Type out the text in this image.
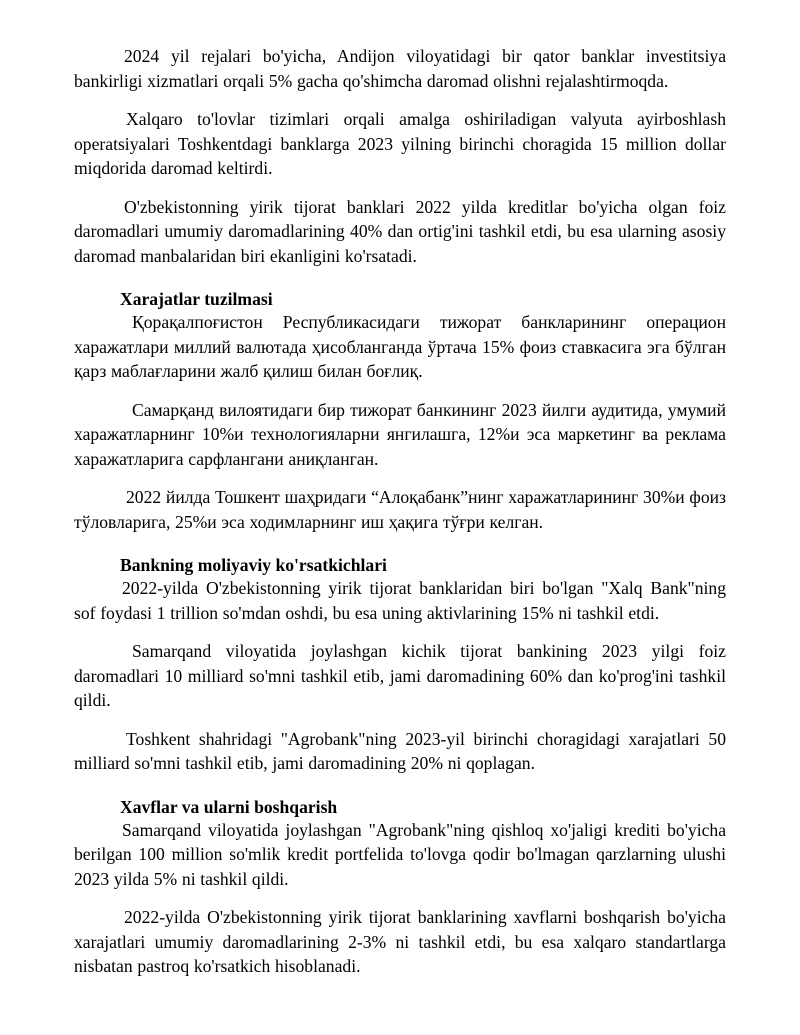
2024 yil rejalari bo'yicha, Andijon viloyatidagi bir qator banklar investitsiya bankirligi xizmatlari orqali 5% gacha qo'shimcha daromad olishni rejalashtirmoqda.

Xalqaro to'lovlar tizimlari orqali amalga oshiriladigan valyuta ayirboshlash operatsiyalari Toshkentdagi banklarga 2023 yilning birinchi choragida 15 million dollar miqdorida daromad keltirdi.

O'zbekistonning yirik tijorat banklari 2022 yilda kreditlar bo'yicha olgan foiz daromadlari umumiy daromadlarining 40% dan ortig'ini tashkil etdi, bu esa ularning asosiy daromad manbalaridan biri ekanligini ko'rsatadi.

Xarajatlar tuzilmasi

Қорақалпоғистон Республикасидаги тижорат банкларининг операцион харажатлари миллий валютада ҳисобланганда ўртача 15% фоиз ставкасига эга бўлган қарз маблағларини жалб қилиш билан боғлиқ.

Самарқанд вилоятидаги бир тижорат банкининг 2023 йилги аудитида, умумий харажатларнинг 10%и технологияларни янгилашга, 12%и эса маркетинг ва реклама харажатларига сарфлангани аниқланган.

2022 йилда Тошкент шаҳридаги “Алоқабанк”нинг харажатларининг 30%и фоиз тўловларига, 25%и эса ходимларнинг иш ҳақига тўғри келган.

Bankning moliyaviy ko'rsatkichlari

2022-yilda O'zbekistonning yirik tijorat banklaridan biri bo'lgan "Xalq Bank"ning sof foydasi 1 trillion so'mdan oshdi, bu esa uning aktivlarining 15% ni tashkil etdi.

Samarqand viloyatida joylashgan kichik tijorat bankining 2023 yilgi foiz daromadlari 10 milliard so'mni tashkil etib, jami daromadining 60% dan ko'prog'ini tashkil qildi.

Toshkent shahridagi "Agrobank"ning 2023-yil birinchi choragidagi xarajatlari 50 milliard so'mni tashkil etib, jami daromadining 20% ni qoplagan.

Xavflar va ularni boshqarish

Samarqand viloyatida joylashgan "Agrobank"ning qishloq xo'jaligi krediti bo'yicha berilgan 100 million so'mlik kredit portfelida to'lovga qodir bo'lmagan qarzlarning ulushi 2023 yilda 5% ni tashkil qildi.

2022-yilda O'zbekistonning yirik tijorat banklarining xavflarni boshqarish bo'yicha xarajatlari umumiy daromadlarining 2-3% ni tashkil etdi, bu esa xalqaro standartlarga nisbatan pastroq ko'rsatkich hisoblanadi.
